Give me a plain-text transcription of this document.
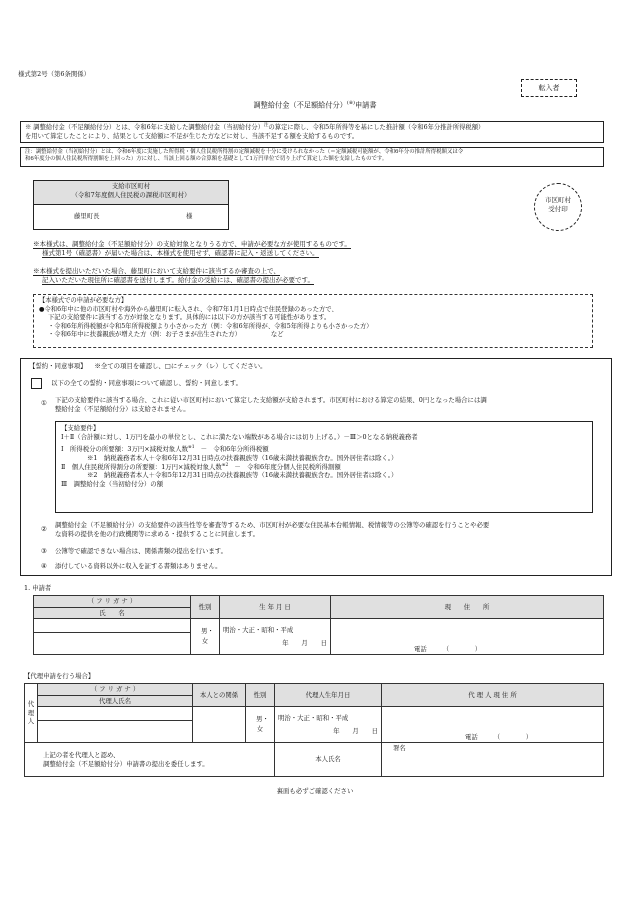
様式第2号（第6条関係）
転入者
調整給付金（不足額給付分）(※)申請書
※ 調整給付金（不足額給付分）とは、令和6年に支給した調整給付金（当初給付分）$^注$の算定に際し、令和5年所得等を基にした推計額（令和6年分推計所得税額）
を用いて算定したことにより、結果として支給額に不足が生じた方などに対し、当該不足する額を支給するものです。
注：調整給付金（当初給付分）とは、令和6年度に実施した所得税・個人住民税所得割の定額減税を十分に受けられなかった（＝定額減税可能額が、令和6年分の推計所得税額又は令
和6年度分の個人住民税所得割額を上回った）方に対し、当該上回る額の合算額を基礎として1万円単位で切り上げて算定した額を支給したものです。
支給市区町村
（令和7年度個人住民税の課税市区町村）
藤里町長	様
市区町村
受付印
※本様式は、調整給付金（不足額給付分）の支給対象となりうる方で、申請が必要な方が使用するものです。
様式第1号（確認書）が届いた場合は、本様式を使用せず、確認書に記入・返送してください。
※本様式を提出いただいた場合、藤里町において支給要件に該当するか審査の上で、
記入いただいた現住所に確認書を送付します。給付金の受給には、確認書の提出が必要です。
【本様式での申請が必要な方】
●令和6年中に他の市区町村や海外から藤里町に転入され、令和7年1月1日時点で住民登録のあった方で、
下記の支給要件に該当する方が対象となります。具体的には以下の方が該当する可能性があります。
・令和6年所得税額が令和5年所得税額より小さかった方（例：令和6年所得が、令和5年所得よりも小さかった方）
・令和6年中に扶養親族が増えた方（例：お子さまが出生された方）	など
【誓約・同意事項】 ※全ての項目を確認し、□にチェック（レ）してください。
以下の全ての誓約・同意事項について確認し、誓約・同意します。
① 下記の支給要件に該当する場合、これに従い市区町村において算定した支給額が支給されます。市区町村における算定の結果、0円となった場合には調
整給付金（不足額給付分）は支給されません。
【支給要件】
Ⅰ＋Ⅱ（合計額に対し、1万円を最小の単位とし、これに満たない端数がある場合には切り上げる。）－Ⅲ＞0となる納税義務者
Ⅰ　所得税分の所要額：3万円×減税対象人数$^{※1}$ －　令和6年分所得税額
※1　納税義務者本人＋令和6年12月31日時点の扶養親族等（16歳未満扶養親族含む。国外居住者は除く。）
Ⅱ　個人住民税所得割分の所要額：1万円×減税対象人数$^{※2}$ －　令和6年度分個人住民税所得割額
※2　納税義務者本人＋令和5年12月31日時点の扶養親族等（16歳未満扶養親族含む。国外居住者は除く。）
Ⅲ　調整給付金（当初給付分）の額
② 調整給付金（不足額給付分）の支給要件の該当性等を審査等するため、市区町村が必要な住民基本台帳情報、税情報等の公簿等の確認を行うことや必要
な資料の提供を他の行政機関等に求める・提供することに同意します。
③ 公簿等で確認できない場合は、関係書類の提出を行います。
④ 添付している資料以外に収入を証する書類はありません。
1. 申請者
（ フ リ ガ ナ ）	性別	生 年 月 日	現　　住　　所
氏　　名			
	男・女	明治・大正・昭和・平成
年　　月　　日	電話　　　（　　　　）

【代理申請を行う場合】
代理人	（ フ リ ガ ナ ）	本人との関係	性別	代理人生年月日	代 理 人 現 住 所
	代理人氏名				
			男・女	明治・大正・昭和・平成
年　　月　　日	電話　　　（　　　　）

上記の者を代理人と認め、
調整給付金（不足額給付分）申請書の提出を委任します。				本人氏名	署名
裏面も必ずご確認ください
